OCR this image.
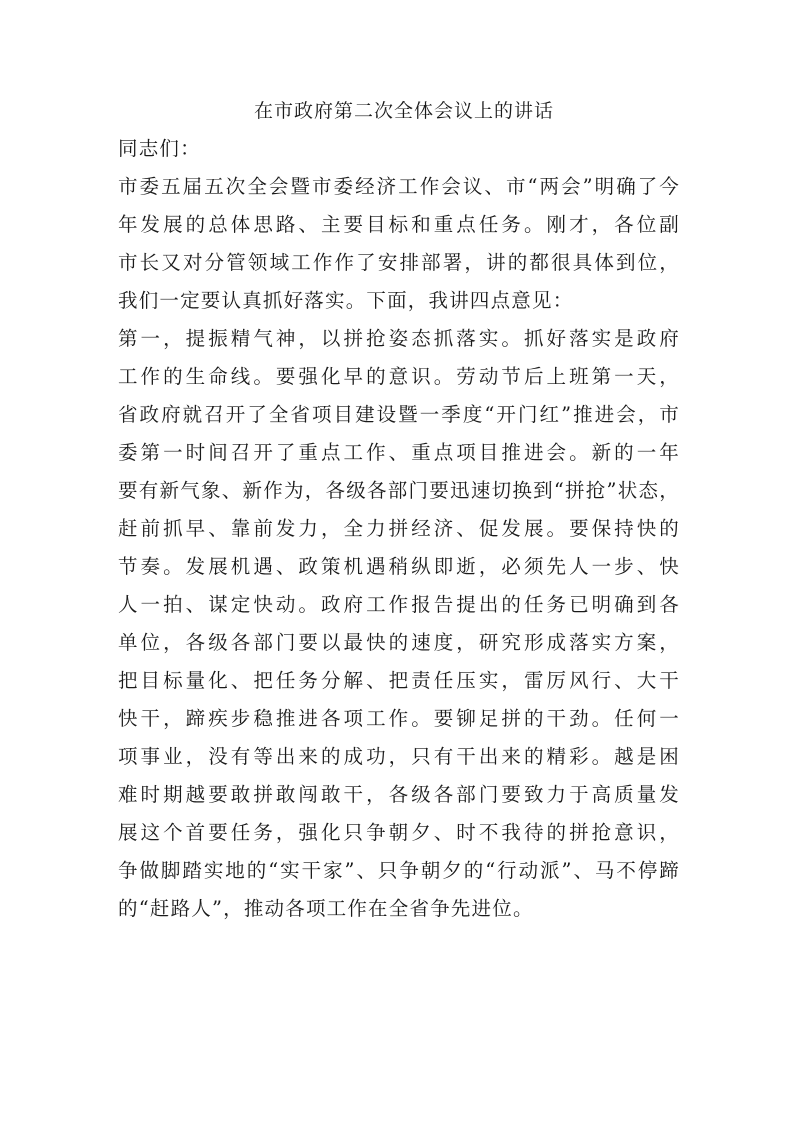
在市政府第二次全体会议上的讲话

同志们：

市委五届五次全会暨市委经济工作会议、市“两会”明确了今

年发展的总体思路、主要目标和重点任务。刚才，各位副

市长又对分管领域工作作了安排部署，讲的都很具体到位，

我们一定要认真抓好落实。下面，我讲四点意见：

第一，提振精气神，以拼抢姿态抓落实。抓好落实是政府

工作的生命线。要强化早的意识。劳动节后上班第一天，

省政府就召开了全省项目建设暨一季度“开门红”推进会，市

委第一时间召开了重点工作、重点项目推进会。新的一年

要有新气象、新作为，各级各部门要迅速切换到“拼抢”状态，

赶前抓早、靠前发力，全力拼经济、促发展。要保持快的

节奏。发展机遇、政策机遇稍纵即逝，必须先人一步、快

人一拍、谋定快动。政府工作报告提出的任务已明确到各

单位，各级各部门要以最快的速度，研究形成落实方案，

把目标量化、把任务分解、把责任压实，雷厉风行、大干

快干，蹄疾步稳推进各项工作。要铆足拼的干劲。任何一

项事业，没有等出来的成功，只有干出来的精彩。越是困

难时期越要敢拼敢闯敢干，各级各部门要致力于高质量发

展这个首要任务，强化只争朝夕、时不我待的拼抢意识，

争做脚踏实地的“实干家”、只争朝夕的“行动派”、马不停蹄

的“赶路人”，推动各项工作在全省争先进位。
